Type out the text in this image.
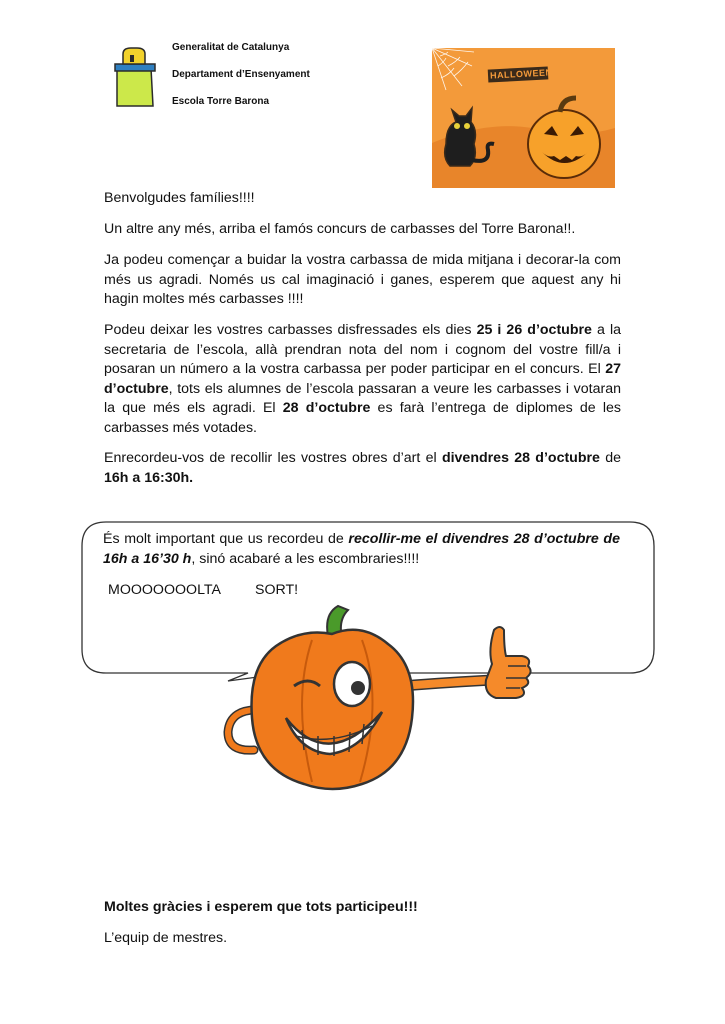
Generalitat de Catalunya
Departament d’Ensenyament
Escola Torre Barona
HALLOWEEN

Benvolgudes famílies!!!!

Un altre any més, arriba el famós concurs de carbasses del Torre Barona!!.

Ja podeu començar a buidar la vostra carbassa de mida mitjana i decorar-la com més us agradi. Només us cal imaginació i ganes, esperem que aquest any hi hagin moltes més carbasses !!!!

Podeu deixar les vostres carbasses disfressades els dies 25 i 26 d’octubre a la secretaria de l’escola, allà prendran nota del nom i cognom del vostre fill/a i posaran un número a la vostra carbassa per poder participar en el concurs. El 27 d’octubre, tots els alumnes de l’escola passaran a veure les carbasses i votaran la que més els agradi. El 28 d’octubre es farà l’entrega de diplomes de les carbasses més votades.

Enrecordeu-vos de recollir les vostres obres d’art el divendres 28 d’octubre de 16h a 16:30h.

És molt important que us recordeu de recollir-me el divendres 28 d’octubre de 16h a 16’30 h, sinó acabaré a les escombraries!!!!

MOOOOOOOLTA SORT!

Moltes gràcies i esperem que tots participeu!!!

L’equip de mestres.
